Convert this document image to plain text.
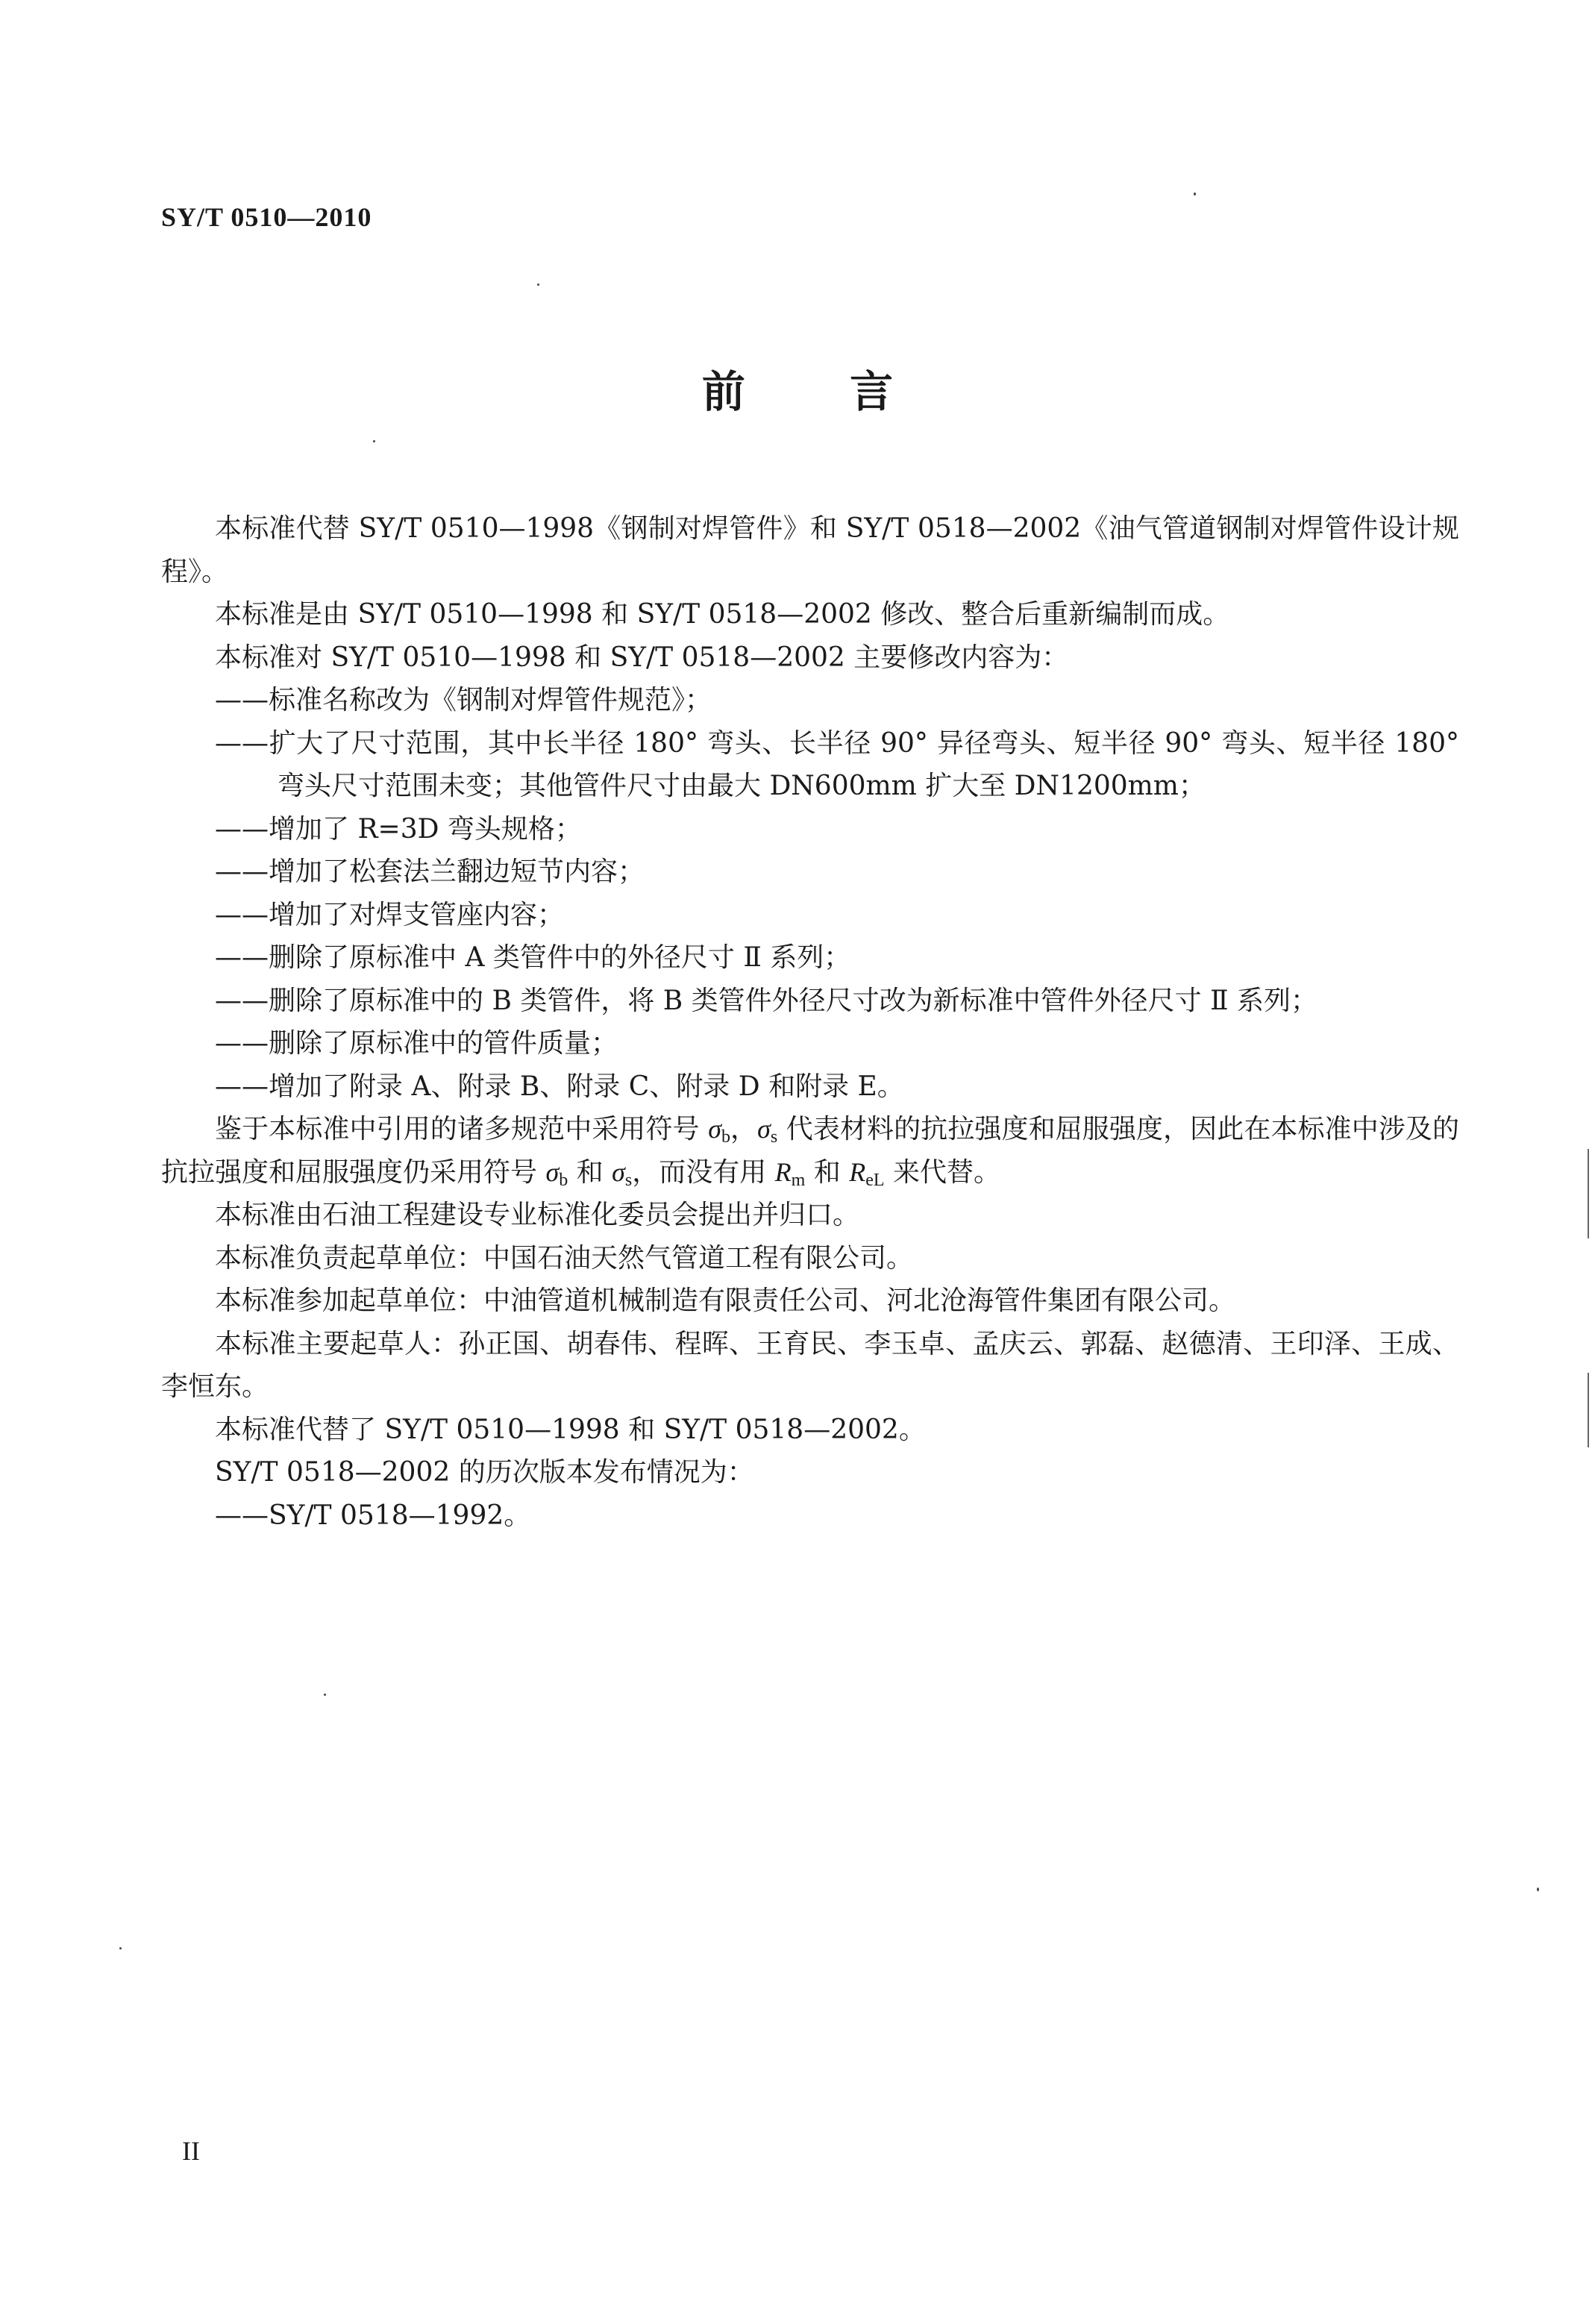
SY/T 0510—2010
前 言

本标准代替 SY/T 0510—1998《钢制对焊管件》和 SY/T 0518—2002《油气管道钢制对焊管件设计规程》。

本标准是由 SY/T 0510—1998 和 SY/T 0518—2002 修改、整合后重新编制而成。

本标准对 SY/T 0510—1998 和 SY/T 0518—2002 主要修改内容为：

——标准名称改为《钢制对焊管件规范》；

——扩大了尺寸范围，其中长半径 180° 弯头、长半径 90° 异径弯头、短半径 90° 弯头、短半径 180° 弯头尺寸范围未变；其他管件尺寸由最大 DN600mm 扩大至 DN1200mm；

——增加了 R=3D 弯头规格；

——增加了松套法兰翻边短节内容；

——增加了对焊支管座内容；

——删除了原标准中 A 类管件中的外径尺寸 Ⅱ 系列；

——删除了原标准中的 B 类管件，将 B 类管件外径尺寸改为新标准中管件外径尺寸 Ⅱ 系列；

——删除了原标准中的管件质量；

——增加了附录 A、附录 B、附录 C、附录 D 和附录 E。

鉴于本标准中引用的诸多规范中采用符号 $\sigma_b$，$\sigma_s$ 代表材料的抗拉强度和屈服强度，因此在本标准中涉及的抗拉强度和屈服强度仍采用符号 $\sigma_b$ 和 $\sigma_s$，而没有用 $R_m$ 和 $R_{eL}$ 来代替。

本标准由石油工程建设专业标准化委员会提出并归口。

本标准负责起草单位：中国石油天然气管道工程有限公司。

本标准参加起草单位：中油管道机械制造有限责任公司、河北沧海管件集团有限公司。

本标准主要起草人：孙正国、胡春伟、程晖、王育民、李玉卓、孟庆云、郭磊、赵德清、王印泽、王成、李恒东。

本标准代替了 SY/T 0510—1998 和 SY/T 0518—2002。

SY/T 0518—2002 的历次版本发布情况为：

——SY/T 0518—1992。

II
